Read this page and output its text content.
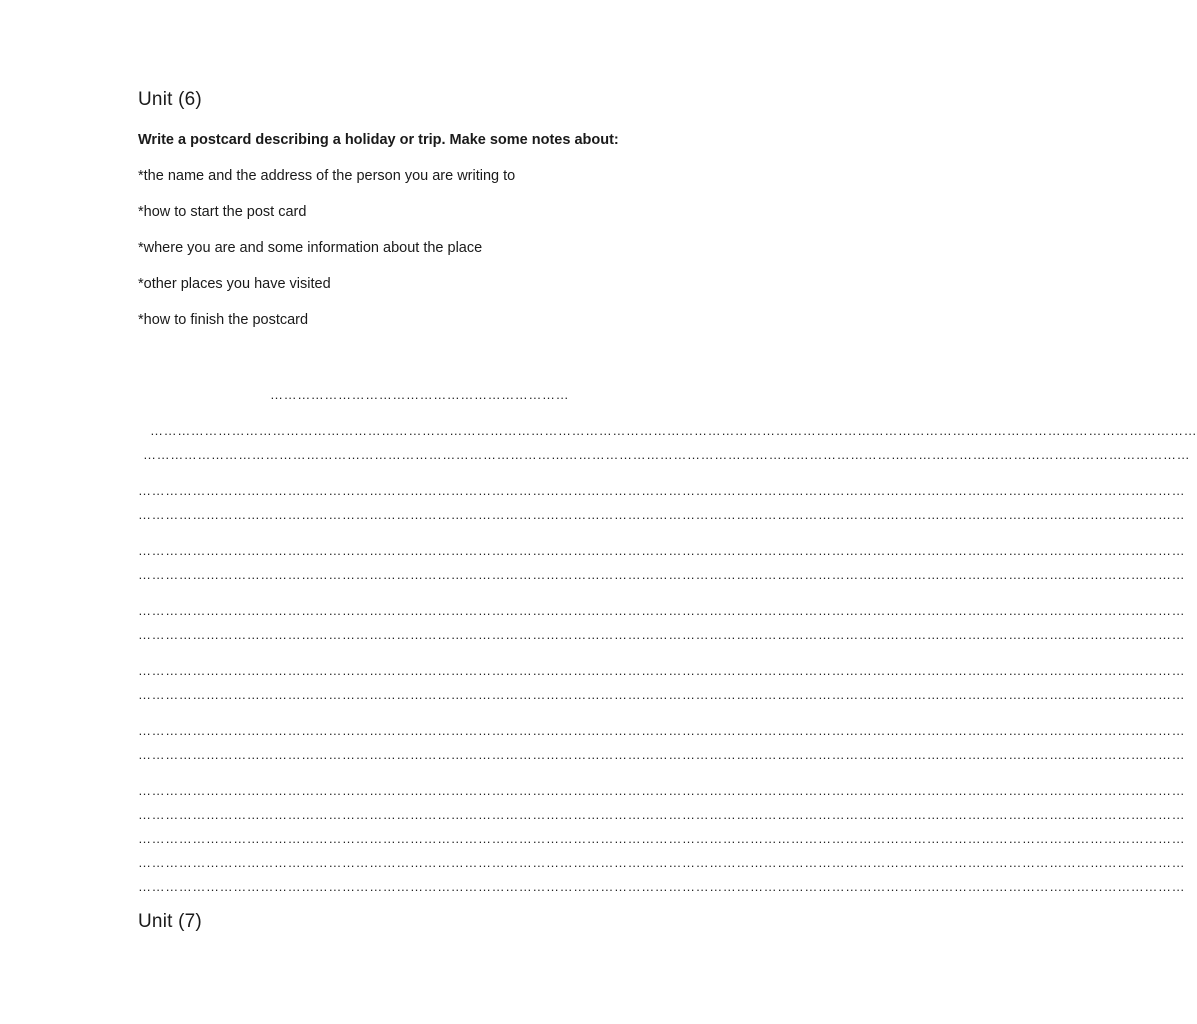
Unit (6)
Write a postcard describing a holiday or trip. Make some notes about:
*the name and the address of the person you are writing to
*how to start the post card
*where you are and some information about the place
*other places you have visited
*how to finish the postcard
…………………………………………………………
……………………………………………………………………………………………………………………………………………………………………………………………………………
……………………………………………………………………………………………………………………………………………………………………………………………………………
……………………………………………………………………………………………………………………………………………………………………………………………………………
……………………………………………………………………………………………………………………………………………………………………………………………………………
……………………………………………………………………………………………………………………………………………………………………………………………………………
……………………………………………………………………………………………………………………………………………………………………………………………………………
……………………………………………………………………………………………………………………………………………………………………………………………………………
……………………………………………………………………………………………………………………………………………………………………………………………………………
……………………………………………………………………………………………………………………………………………………………………………………………………………
……………………………………………………………………………………………………………………………………………………………………………………………………………
……………………………………………………………………………………………………………………………………………………………………………………………………………
……………………………………………………………………………………………………………………………………………………………………………………………………………
……………………………………………………………………………………………………………………………………………………………………………………………………………
……………………………………………………………………………………………………………………………………………………………………………………………………………
……………………………………………………………………………………………………………………………………………………………………………………………………………
……………………………………………………………………………………………………………………………………………………………………………………………………………
……………………………………………………………………………………………………………………………………………………………………………………………………………
Unit (7)
